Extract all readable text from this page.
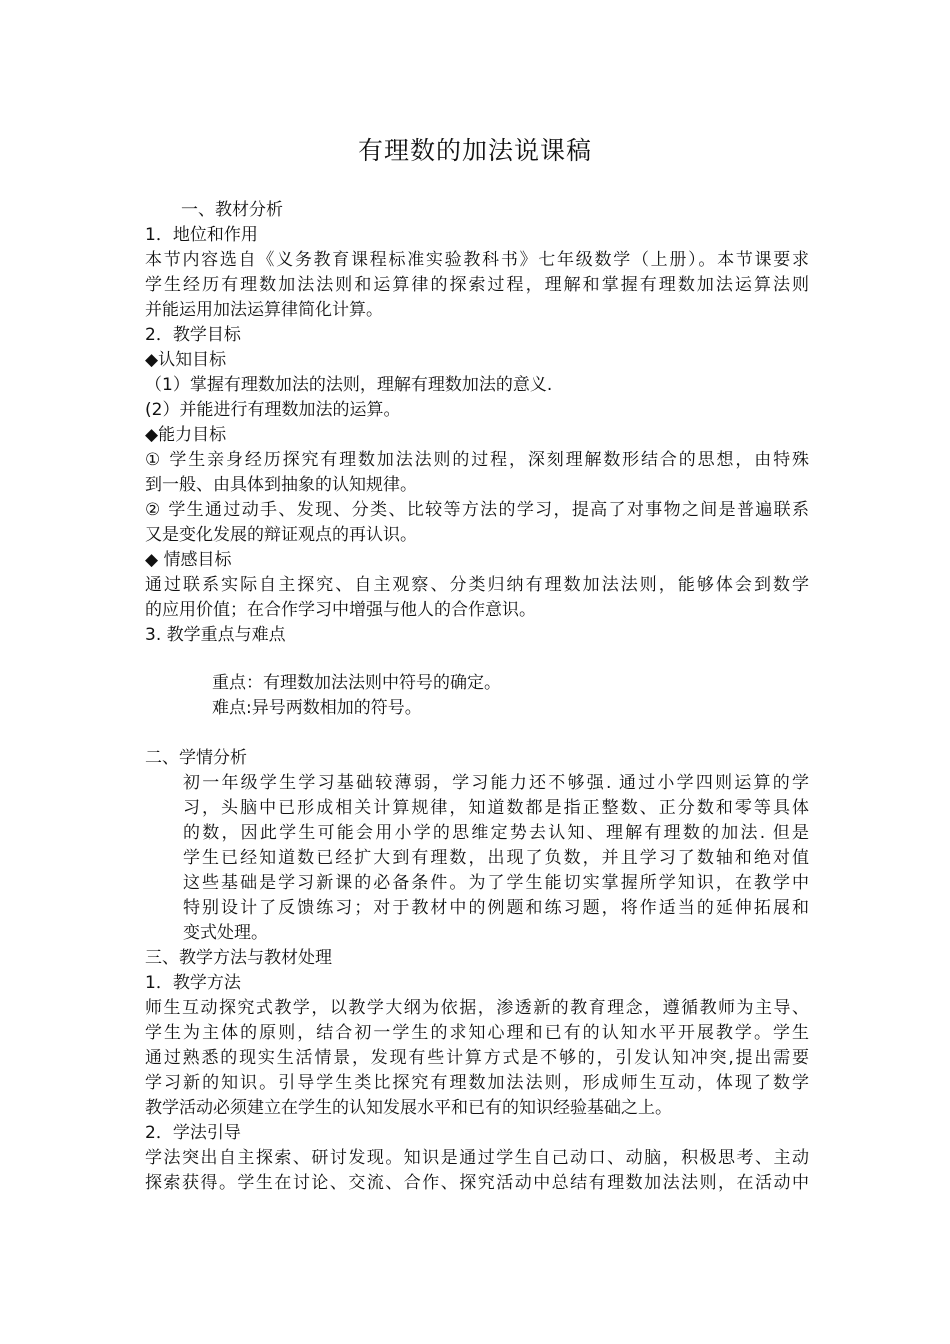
有理数的加法说课稿
一、教材分析
1．地位和作用
本节内容选自《义务教育课程标准实验教科书》七年级数学（上册）。本节课要求
学生经历有理数加法法则和运算律的探索过程，理解和掌握有理数加法运算法则
并能运用加法运算律简化计算。
2．教学目标
◆认知目标
（1）掌握有理数加法的法则，理解有理数加法的意义.
(2）并能进行有理数加法的运算。
◆能力目标
① 学生亲身经历探究有理数加法法则的过程，深刻理解数形结合的思想，由特殊
到一般、由具体到抽象的认知规律。
② 学生通过动手、发现、分类、比较等方法的学习，提高了对事物之间是普遍联系
又是变化发展的辩证观点的再认识。
◆ 情感目标
通过联系实际自主探究、自主观察、分类归纳有理数加法法则，能够体会到数学
的应用价值；在合作学习中增强与他人的合作意识。
3. 教学重点与难点
重点：有理数加法法则中符号的确定。
难点:异号两数相加的符号。
二、学情分析
初一年级学生学习基础较薄弱，学习能力还不够强. 通过小学四则运算的学
习，头脑中已形成相关计算规律，知道数都是指正整数、正分数和零等具体
的数，因此学生可能会用小学的思维定势去认知、理解有理数的加法. 但是
学生已经知道数已经扩大到有理数，出现了负数，并且学习了数轴和绝对值
这些基础是学习新课的必备条件。为了学生能切实掌握所学知识，在教学中
特别设计了反馈练习；对于教材中的例题和练习题，将作适当的延伸拓展和
变式处理。
三、教学方法与教材处理
1．教学方法
师生互动探究式教学，以教学大纲为依据，渗透新的教育理念，遵循教师为主导、
学生为主体的原则，结合初一学生的求知心理和已有的认知水平开展教学。学生
通过熟悉的现实生活情景，发现有些计算方式是不够的，引发认知冲突,提出需要
学习新的知识。引导学生类比探究有理数加法法则，形成师生互动，体现了数学
教学活动必须建立在学生的认知发展水平和已有的知识经验基础之上。
2．学法引导
学法突出自主探索、研讨发现。知识是通过学生自己动口、动脑，积极思考、主动
探索获得。学生在讨论、交流、合作、探究活动中总结有理数加法法则，在活动中
